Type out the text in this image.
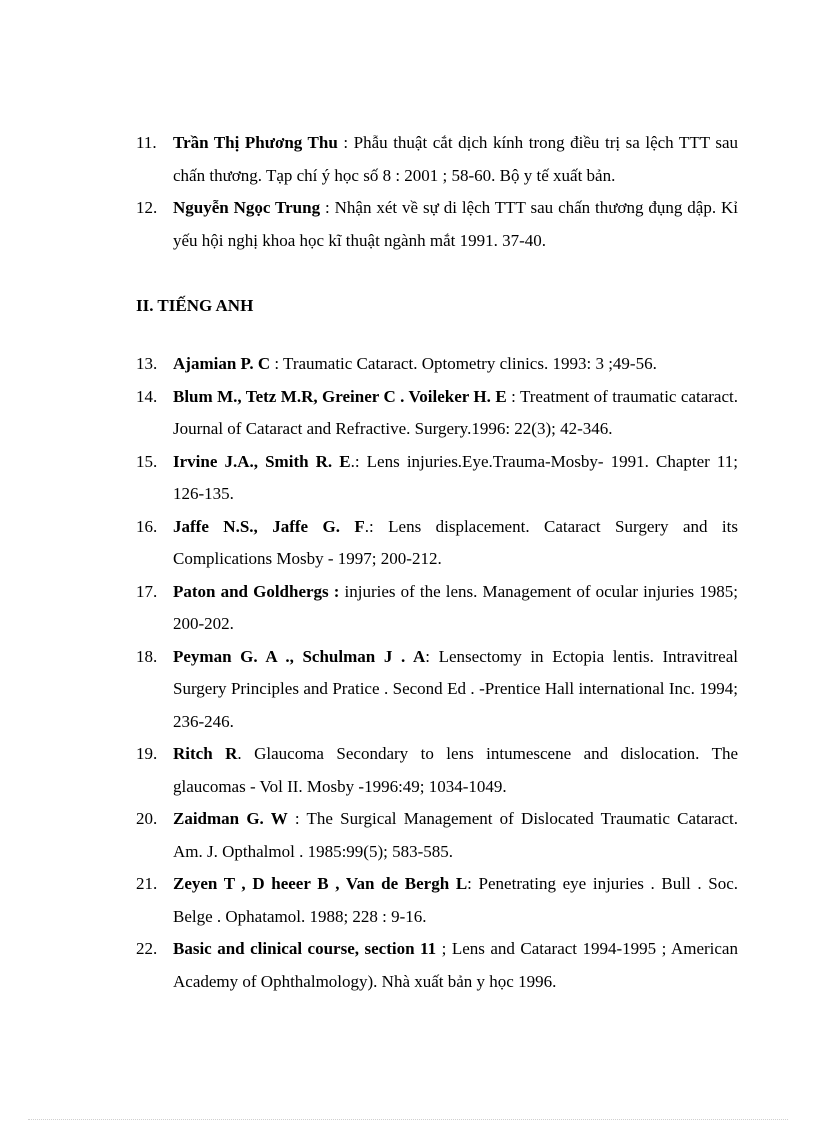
11. Trần Thị Phương Thu : Phẫu thuật cắt dịch kính trong điều trị sa lệch TTT sau chấn thương. Tạp chí ý học số 8 : 2001 ; 58-60. Bộ y tế xuất bản.
12. Nguyễn Ngọc Trung : Nhận xét về sự di lệch TTT sau chấn thương đụng dập. Kỉ yếu hội nghị khoa học kĩ thuật ngành mắt 1991. 37-40.
II. TIẾNG ANH
13. Ajamian P. C : Traumatic Cataract. Optometry clinics. 1993: 3 ;49-56.
14. Blum M., Tetz M.R, Greiner C . Voileker H. E : Treatment of traumatic cataract. Journal of Cataract and Refractive. Surgery.1996: 22(3); 42-346.
15. Irvine J.A., Smith R. E.: Lens injuries.Eye.Trauma-Mosby- 1991. Chapter 11; 126-135.
16. Jaffe N.S., Jaffe G. F.: Lens displacement. Cataract Surgery and its Complications Mosby - 1997; 200-212.
17. Paton and Goldhergs : injuries of the lens. Management of ocular injuries 1985; 200-202.
18. Peyman G. A ., Schulman J . A: Lensectomy in Ectopia lentis. Intravitreal Surgery Principles and Pratice . Second Ed . -Prentice Hall international Inc. 1994; 236-246.
19. Ritch R. Glaucoma Secondary to lens intumescene and dislocation. The glaucomas - Vol II. Mosby -1996:49; 1034-1049.
20. Zaidman G. W : The Surgical Management of Dislocated Traumatic Cataract. Am. J. Opthalmol . 1985:99(5); 583-585.
21. Zeyen T , D heeer B , Van de Bergh L: Penetrating eye injuries . Bull . Soc. Belge . Ophatamol. 1988; 228 : 9-16.
22. Basic and clinical course, section 11 ; Lens and Cataract 1994-1995 ; American Academy of Ophthalmology). Nhà xuất bản y học 1996.
